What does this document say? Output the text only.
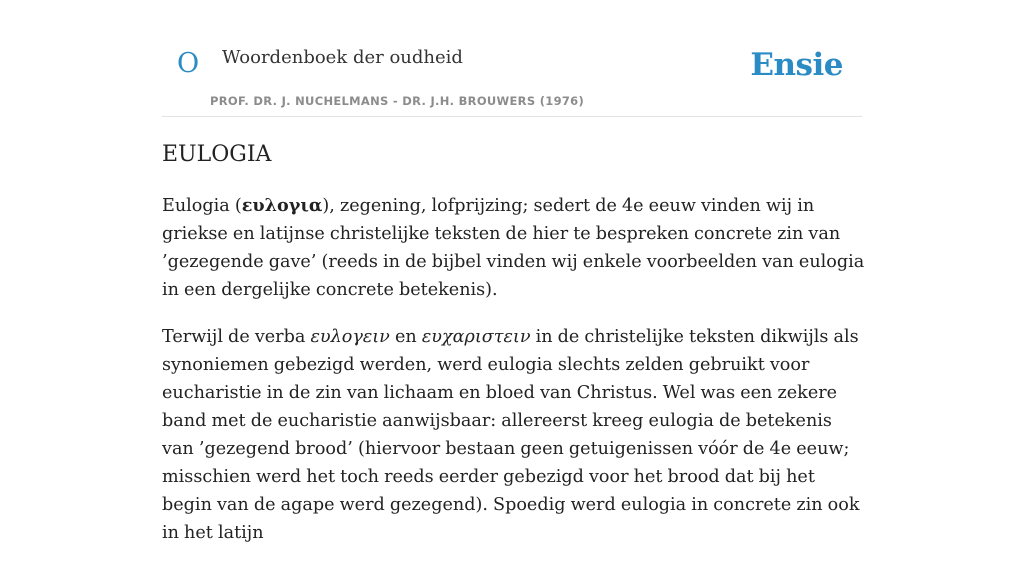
O Woordenboek der oudheid
PROF. DR. J. NUCHELMANS - DR. J.H. BROUWERS (1976)
Ensie
EULOGIA

Eulogia (ευλογια), zegening, lofprijzing; sedert de 4e eeuw vinden wij in griekse en latijnse christelijke teksten de hier te bespreken concrete zin van ’gezegende gave’ (reeds in de bijbel vinden wij enkele voorbeelden van eulogia in een dergelijke concrete betekenis).

Terwijl de verba ευλογειν en ευχαριστειν in de christelijke teksten dikwijls als synoniemen gebezigd werden, werd eulogia slechts zelden gebruikt voor eucharistie in de zin van lichaam en bloed van Christus. Wel was een zekere band met de eucharistie aanwijsbaar: allereerst kreeg eulogia de betekenis van ’gezegend brood’ (hiervoor bestaan geen getuigenissen vóór de 4e eeuw; misschien werd het toch reeds eerder gebezigd voor het brood dat bij het begin van de agape werd gezegend). Spoedig werd eulogia in concrete zin ook in het latijn
